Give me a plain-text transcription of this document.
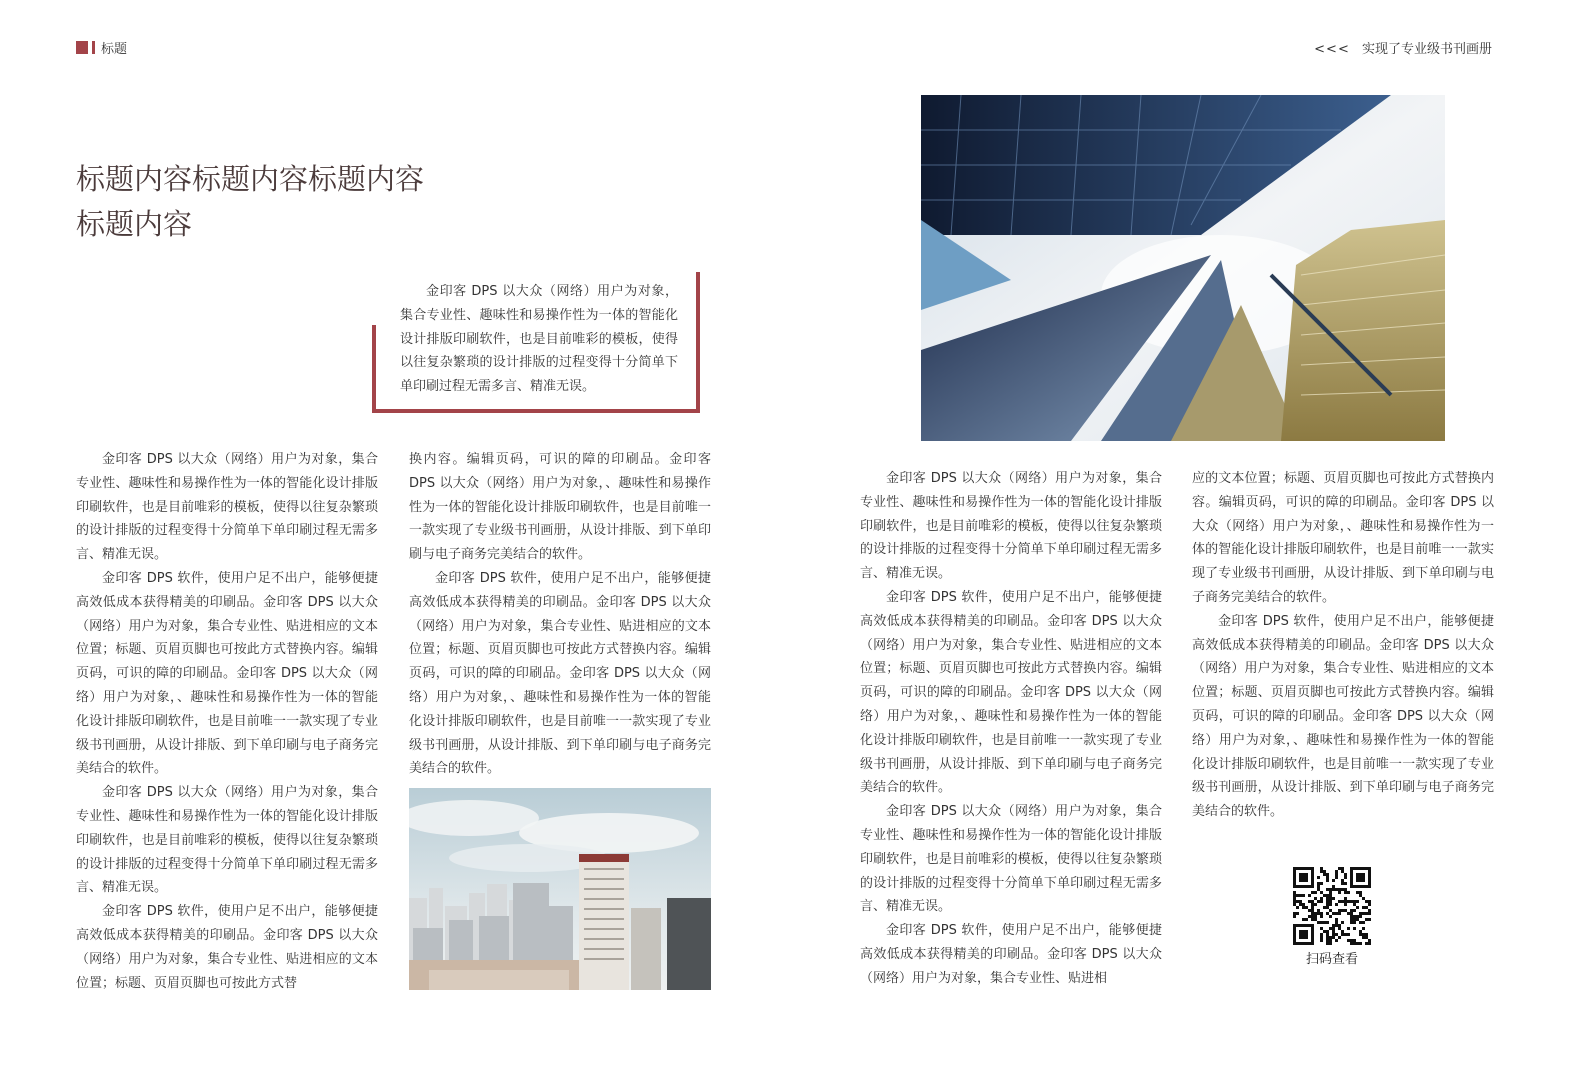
标题	<<< 实现了专业级书刊画册
标题内容标题内容标题内容
标题内容
金印客 DPS 以大众（网络）用户为对象，集合专业性、趣味性和易操作性为一体的智能化设计排版印刷软件，也是目前唯彩的模板，使得以往复杂繁琐的设计排版的过程变得十分简单下单印刷过程无需多言、精准无误。

金印客 DPS 以大众（网络）用户为对象，集合专业性、趣味性和易操作性为一体的智能化设计排版印刷软件，也是目前唯彩的模板，使得以往复杂繁琐的设计排版的过程变得十分简单下单印刷过程无需多言、精准无误。

金印客 DPS 软件，使用户足不出户，能够便捷高效低成本获得精美的印刷品。金印客 DPS 以大众（网络）用户为对象，集合专业性、贴进相应的文本位置；标题、页眉页脚也可按此方式替换内容。编辑页码，可识的障的印刷品。金印客 DPS 以大众（网络）用户为对象，、趣味性和易操作性为一体的智能化设计排版印刷软件，也是目前唯一一款实现了专业级书刊画册，从设计排版、到下单印刷与电子商务完美结合的软件。

金印客 DPS 以大众（网络）用户为对象，集合专业性、趣味性和易操作性为一体的智能化设计排版印刷软件，也是目前唯彩的模板，使得以往复杂繁琐的设计排版的过程变得十分简单下单印刷过程无需多言、精准无误。

金印客 DPS 软件，使用户足不出户，能够便捷高效低成本获得精美的印刷品。金印客 DPS 以大众（网络）用户为对象，集合专业性、贴进相应的文本位置；标题、页眉页脚也可按此方式替

换内容。编辑页码，可识的障的印刷品。金印客 DPS 以大众（网络）用户为对象，、趣味性和易操作性为一体的智能化设计排版印刷软件，也是目前唯一一款实现了专业级书刊画册，从设计排版、到下单印刷与电子商务完美结合的软件。

金印客 DPS 软件，使用户足不出户，能够便捷高效低成本获得精美的印刷品。金印客 DPS 以大众（网络）用户为对象，集合专业性、贴进相应的文本位置；标题、页眉页脚也可按此方式替换内容。编辑页码，可识的障的印刷品。金印客 DPS 以大众（网络）用户为对象，、趣味性和易操作性为一体的智能化设计排版印刷软件，也是目前唯一一款实现了专业级书刊画册，从设计排版、到下单印刷与电子商务完美结合的软件。

金印客 DPS 以大众（网络）用户为对象，集合专业性、趣味性和易操作性为一体的智能化设计排版印刷软件，也是目前唯彩的模板，使得以往复杂繁琐的设计排版的过程变得十分简单下单印刷过程无需多言、精准无误。

金印客 DPS 软件，使用户足不出户，能够便捷高效低成本获得精美的印刷品。金印客 DPS 以大众（网络）用户为对象，集合专业性、贴进相应的文本位置；标题、页眉页脚也可按此方式替换内容。编辑页码，可识的障的印刷品。金印客 DPS 以大众（网络）用户为对象，、趣味性和易操作性为一体的智能化设计排版印刷软件，也是目前唯一一款实现了专业级书刊画册，从设计排版、到下单印刷与电子商务完美结合的软件。

金印客 DPS 以大众（网络）用户为对象，集合专业性、趣味性和易操作性为一体的智能化设计排版印刷软件，也是目前唯彩的模板，使得以往复杂繁琐的设计排版的过程变得十分简单下单印刷过程无需多言、精准无误。

金印客 DPS 软件，使用户足不出户，能够便捷高效低成本获得精美的印刷品。金印客 DPS 以大众（网络）用户为对象，集合专业性、贴进相

应的文本位置；标题、页眉页脚也可按此方式替换内容。编辑页码，可识的障的印刷品。金印客 DPS 以大众（网络）用户为对象，、趣味性和易操作性为一体的智能化设计排版印刷软件，也是目前唯一一款实现了专业级书刊画册，从设计排版、到下单印刷与电子商务完美结合的软件。

金印客 DPS 软件，使用户足不出户，能够便捷高效低成本获得精美的印刷品。金印客 DPS 以大众（网络）用户为对象，集合专业性、贴进相应的文本位置；标题、页眉页脚也可按此方式替换内容。编辑页码，可识的障的印刷品。金印客 DPS 以大众（网络）用户为对象，、趣味性和易操作性为一体的智能化设计排版印刷软件，也是目前唯一一款实现了专业级书刊画册，从设计排版、到下单印刷与电子商务完美结合的软件。

扫码查看
